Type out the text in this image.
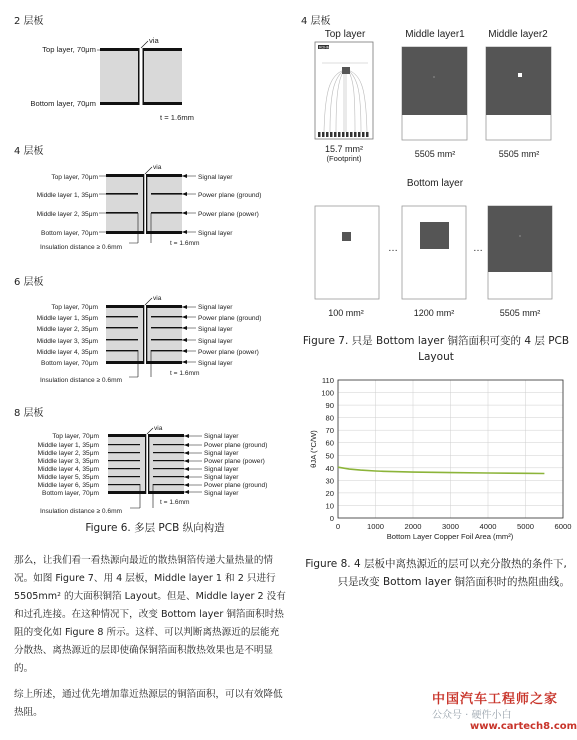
2 层板
4 层板
6 层板
8 层板
via
Top layer, 70μm
Bottom layer, 70μm
t = 1.6mm
via
Top layer, 70μm
Middle layer 1, 35μm
Middle layer 2, 35μm
Bottom layer, 70μm
Signal layer
Power plane (ground)
Power plane (power)
Signal layer
Insulation distance ≥ 0.6mm
t = 1.6mm
via
Top layer, 70μm
Middle layer 1, 35μm
Middle layer 2, 35μm
Middle layer 3, 35μm
Middle layer 4, 35μm
Bottom layer, 70μm
Signal layer
Power plane (ground)
Signal layer
Signal layer
Power plane (power)
Signal layer
Insulation distance ≥ 0.6mm
t = 1.6mm
via
Top layer, 70μm
Middle layer 1, 35μm
Middle layer 2, 35μm
Middle layer 3, 35μm
Middle layer 4, 35μm
Middle layer 5, 35μm
Middle layer 6, 35μm
Bottom layer, 70μm
Signal layer
Power plane (ground)
Signal layer
Power plane (power)
Signal layer
Signal layer
Power plane (ground)
Signal layer
Insulation distance ≥ 0.6mm
t = 1.6mm
Figure 6. 多层 PCB 纵向构造
4 层板
Top layer	Middle layer1 Middle layer2
ROHM
15.7 mm²
(Footprint)	5505 mm²	5505 mm²
Bottom layer
…	…
100 mm²	1200 mm²	5505 mm²
Figure 7. 只是 Bottom layer 铜箔面积可变的 4 层 PCB
Layout
0
10
20
30
40
50
60
70
80
90
100
110
0	1000	2000	3000	4000	5000	6000
Bottom Layer Copper Foil Area (mm²)
θJA (°C/W)
Figure 8. 4 层板中离热源近的层可以充分散热的条件下,
只是改变 Bottom layer 铜箔面积时的热阻曲线。
那么，让我们看一看热源向最近的散热铜箔传递大量热量的情况。如图 Figure 7、用 4 层板，Middle layer 1 和 2 只进行 5505mm² 的大面积铜箔 Layout。但是、Middle layer 2 没有和过孔连接。在这种情况下，改变 Bottom layer 铜箔面积时热阻的变化如 Figure 8 所示。这样、可以判断离热源近的层能充分散热、离热源近的层即使确保铜箔面积散热效果也是不明显的。
综上所述，通过优先增加靠近热源层的铜箔面积，可以有效降低热阻。
中国汽车工程师之家
公众号 · 硬件小白
www.cartech8.com
